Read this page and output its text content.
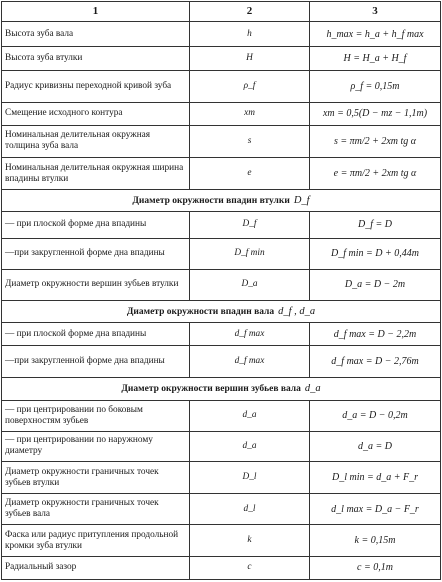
1	2	3
Высота зуба вала	h	h_max = h_a + h_f max
Высота зуба втулки	H	H = H_a + H_f
Радиус кривизны переходной кривой зуба	ρ_f	ρ_f = 0,15m
Смещение исходного контура	xm	xm = 0,5(D − mz − 1,1m)
Номинальная делительная окружная толщина зуба вала	s	s = πm/2 + 2xm tg α
Номинальная делительная окружная ширина впадины втулки	e	e = πm/2 + 2xm tg α
Диаметр окружности впадин втулки D_f		
— при плоской форме дна впадины	D_f	D_f = D
—при закругленной форме дна впадины	D_f min	D_f min = D + 0,44m
Диаметр окружности вершин зубьев втулки	D_a	D_a = D − 2m
Диаметр окружности впадин вала d_f , d_a		
— при плоской форме дна впадины	d_f max	d_f max = D − 2,2m
—при закругленной форме дна впадины	d_f max	d_f max = D − 2,76m
Диаметр окружности вершин зубьев вала d_a		
— при центрировании по боковым поверхностям зубьев	d_a	d_a = D − 0,2m
— при центрировании по наружному диаметру	d_a	d_a = D
Диаметр окружности граничных точек зубьев втулки	D_l	D_l min = d_a + F_r
Диаметр окружности граничных точек зубьев вала	d_l	d_l max = D_a − F_r
Фаска или радиус притупления продольной кромки зуба втулки	k	k = 0,15m
Радиальный зазор	c	c = 0,1m
